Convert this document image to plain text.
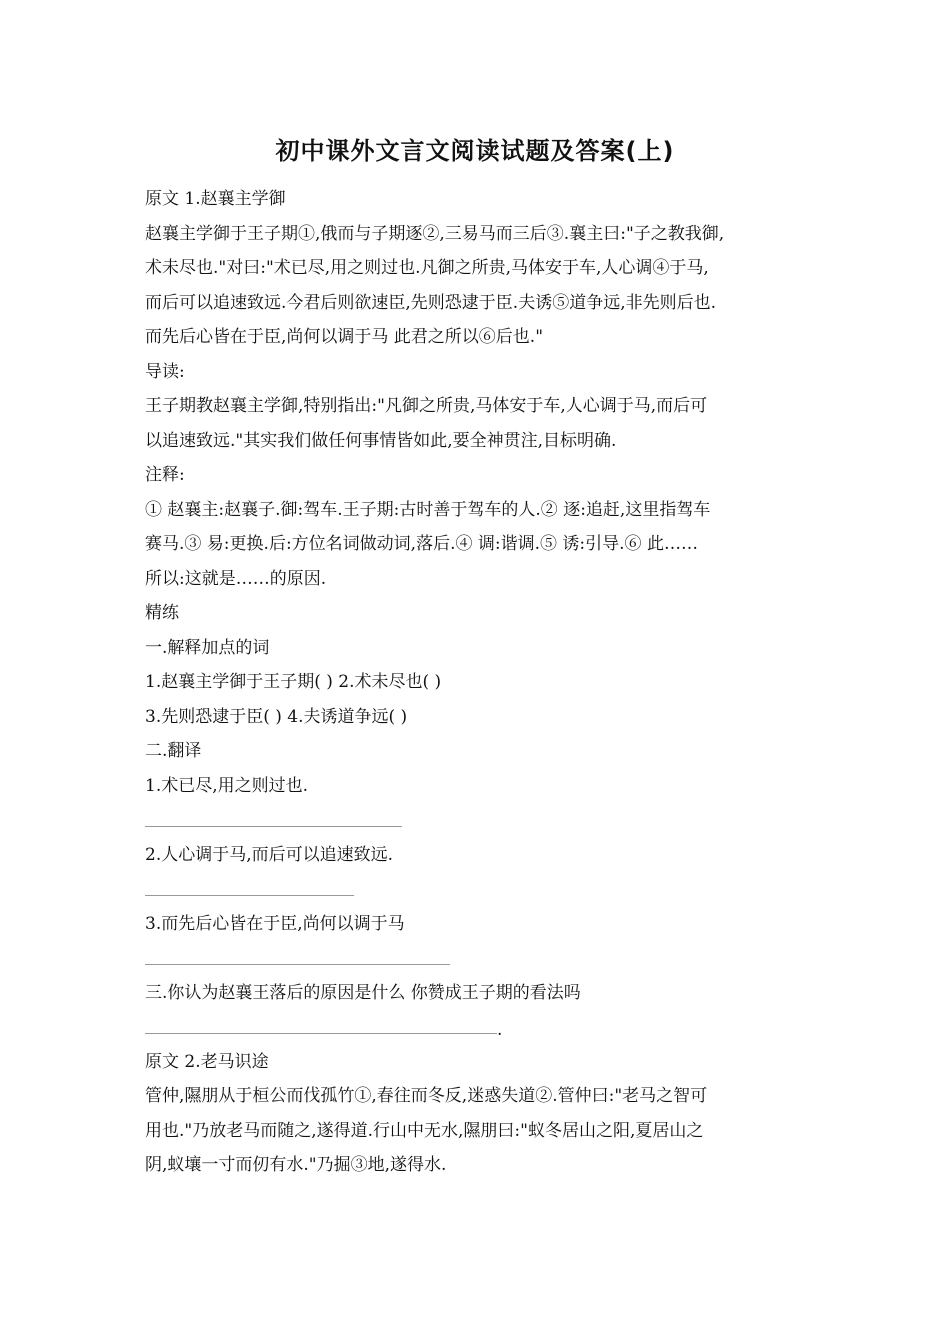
初中课外文言文阅读试题及答案(上)
原文 1.赵襄主学御
赵襄主学御于王子期①,俄而与子期逐②,三易马而三后③.襄主曰:"子之教我御,
术未尽也."对曰:"术已尽,用之则过也.凡御之所贵,马体安于车,人心调④于马,
而后可以追速致远.今君后则欲速臣,先则恐逮于臣.夫诱⑤道争远,非先则后也.
而先后心皆在于臣,尚何以调于马 此君之所以⑥后也."
导读:
王子期教赵襄主学御,特别指出:"凡御之所贵,马体安于车,人心调于马,而后可
以追速致远."其实我们做任何事情皆如此,要全神贯注,目标明确.
注释:
① 赵襄主:赵襄子.御:驾车.王子期:古时善于驾车的人.② 逐:追赶,这里指驾车
赛马.③ 易:更换.后:方位名词做动词,落后.④ 调:谐调.⑤ 诱:引导.⑥ 此……
所以:这就是……的原因.
精练
一.解释加点的词
1.赵襄主学御于王子期( ) 2.术未尽也( )
3.先则恐逮于臣( ) 4.夫诱道争远( )
二.翻译
1.术已尽,用之则过也.
2.人心调于马,而后可以追速致远.
3.而先后心皆在于臣,尚何以调于马
三.你认为赵襄王落后的原因是什么 你赞成王子期的看法吗
.
原文 2.老马识途
管仲,隰朋从于桓公而伐孤竹①,春往而冬反,迷惑失道②.管仲曰:"老马之智可
用也."乃放老马而随之,遂得道.行山中无水,隰朋曰:"蚁冬居山之阳,夏居山之
阴,蚁壤一寸而仞有水."乃掘③地,遂得水.
